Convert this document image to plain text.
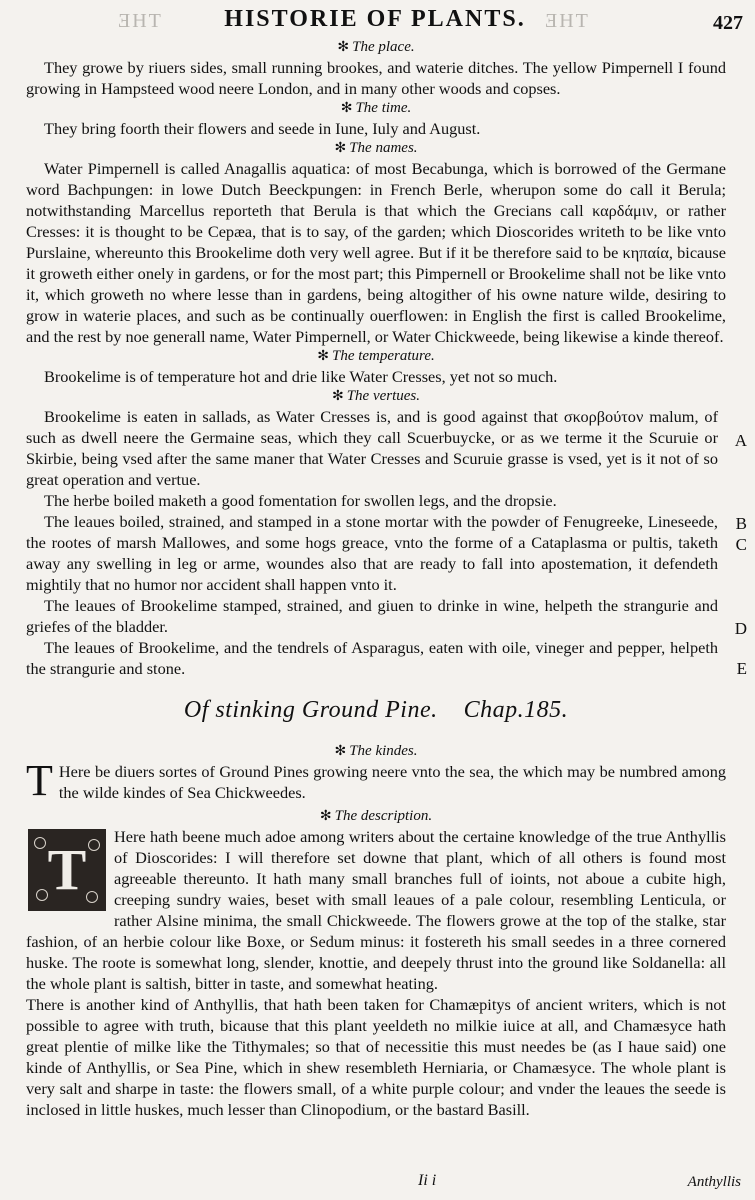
ƎHT	HISTORIE OF PLANTS. ƎHT	427

✻ The place.

They growe by riuers sides, small running brookes, and waterie ditches. The yellow Pimpernell I found growing in Hampsteed wood neere London, and in many other woods and copses.

✻ The time.

They bring foorth their flowers and seede in Iune, Iuly and August.

✻ The names.

Water Pimpernell is called Anagallis aquatica: of most Becabunga, which is borrowed of the Germane word Bachpungen: in lowe Dutch Beeckpungen: in French Berle, wherupon some do call it Berula; notwithstanding Marcellus reporteth that Berula is that which the Grecians call καρδάμιν, or rather Cresses: it is thought to be Cepæa, that is to say, of the garden; which Dioscorides writeth to be like vnto Purslaine, whereunto this Brookelime doth very well agree. But if it be therefore said to be κηπαία, bicause it groweth either onely in gardens, or for the most part; this Pimpernell or Brookelime shall not be like vnto it, which groweth no where lesse than in gardens, being altogither of his owne nature wilde, desiring to grow in waterie places, and such as be continually ouerflowen: in English the first is called Brookelime, and the rest by noe generall name, Water Pimpernell, or Water Chickweede, being likewise a kinde thereof.

✻ The temperature.

Brookelime is of temperature hot and drie like Water Cresses, yet not so much.

✻ The vertues.

Brookelime is eaten in sallads, as Water Cresses is, and is good against that σκορβούτον malum, of such as dwell neere the Germaine seas, which they call Scuerbuycke, or as we terme it the Scuruie or Skirbie, being vsed after the same maner that Water Cresses and Scuruie grasse is vsed, yet is it not of so great operation and vertue.

The herbe boiled maketh a good fomentation for swollen legs, and the dropsie.

The leaues boiled, strained, and stamped in a stone mortar with the powder of Fenugreeke, Lineseede, the rootes of marsh Mallowes, and some hogs greace, vnto the forme of a Cataplasma or pultis, taketh away any swelling in leg or arme, woundes also that are ready to fall into apostemation, it defendeth mightily that no humor nor accident shall happen vnto it.

The leaues of Brookelime stamped, strained, and giuen to drinke in wine, helpeth the strangurie and griefes of the bladder.

The leaues of Brookelime, and the tendrels of Asparagus, eaten with oile, vineger and pepper, helpeth the strangurie and stone.

Of stinking Ground Pine. Chap.185.

✻ The kindes.

T Here be diuers sortes of Ground Pines growing neere vnto the sea, the which may be numbred among the wilde kindes of Sea Chickweedes.

✻ The description.

T
Here hath beene much adoe among writers about the certaine knowledge of the true Anthyllis of Dioscorides: I will therefore set downe that plant, which of all others is found most agreeable thereunto. It hath many small branches full of ioints, not aboue a cubite high, creeping sundry waies, beset with small leaues of a pale colour, resembling Lenticula, or rather Alsine minima, the small Chickweede. The flowers growe at the top of the stalke, star fashion, of an herbie colour like Boxe, or Sedum minus: it fostereth his small seedes in a three cornered huske. The roote is somewhat long, slender, knottie, and deepely thrust into the ground like Soldanella: all the whole plant is saltish, bitter in taste, and somewhat heating.

There is another kind of Anthyllis, that hath been taken for Chamæpitys of ancient writers, which is not possible to agree with truth, bicause that this plant yeeldeth no milkie iuice at all, and Chamæsyce hath great plentie of milke like the Tithymales; so that of necessitie this must needes be (as I haue said) one kinde of Anthyllis, or Sea Pine, which in shew resembleth Herniaria, or Chamæsyce. The whole plant is very salt and sharpe in taste: the flowers small, of a white purple colour; and vnder the leaues the seede is inclosed in little huskes, much lesser than Clinopodium, or the bastard Basill.

A
B
C
D
E
Ii i	Anthyllis
